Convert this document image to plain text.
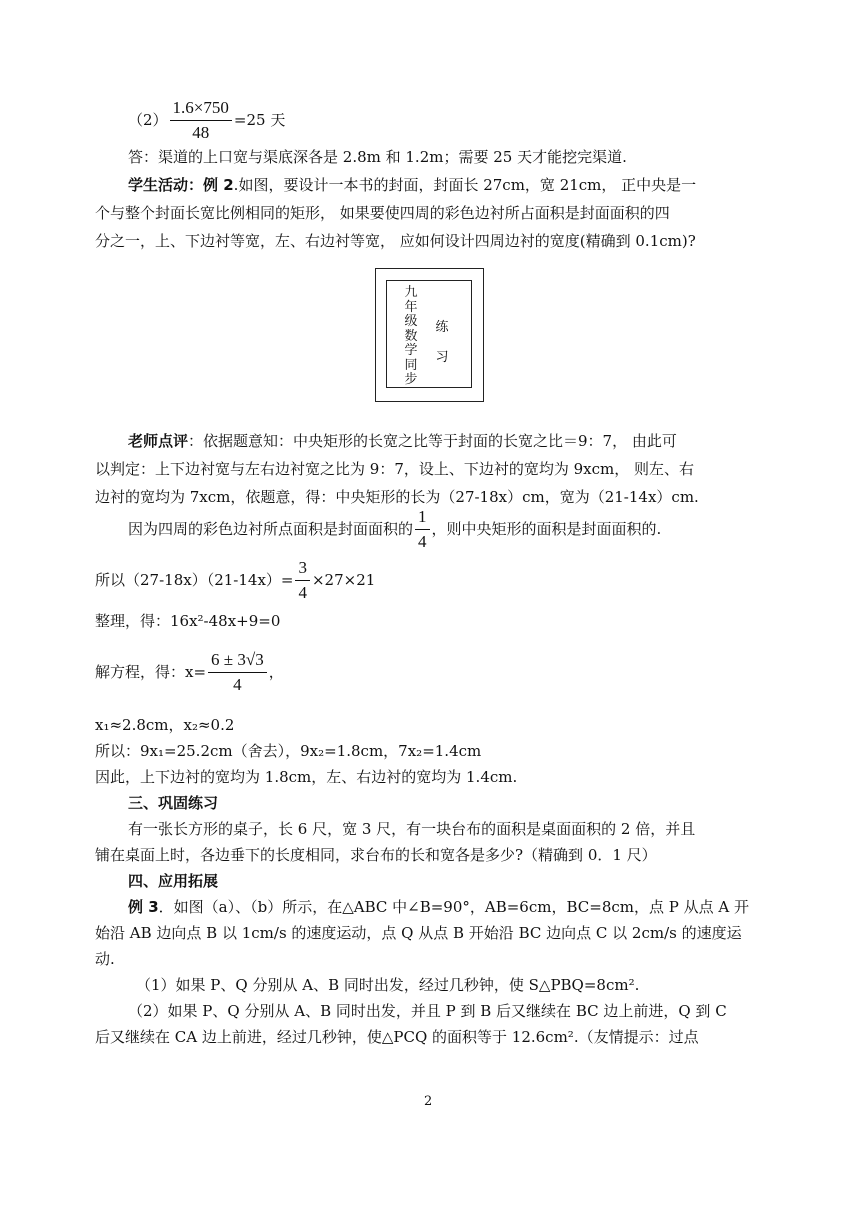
$(2) \frac{1.6\times 750}{48} =25$ 天
答：渠道的上口宽与渠底深各是 2.8m 和 1.2m；需要 25 天才能挖完渠道.
学生活动：例 2.如图，要设计一本书的封面，封面长 27cm，宽 21cm， 正中央是一
个与整个封面长宽比例相同的矩形， 如果要使四周的彩色边衬所占面积是封面面积的四
分之一，上、下边衬等宽，左、右边衬等宽， 应如何设计四周边衬的宽度(精确到 0.1cm)?
九年级数学同步
练习
老师点评：依据题意知：中央矩形的长宽之比等于封面的长宽之比＝9：7， 由此可
以判定：上下边衬宽与左右边衬宽之比为 9：7，设上、下边衬的宽均为 9xcm， 则左、右
边衬的宽均为 7xcm，依题意，得：中央矩形的长为（27-18x）cm，宽为（21-14x）cm.
因为四周的彩色边衬所点面积是封面面积的 $\frac{1}{4}$ ，则中央矩形的面积是封面面积的.
所以$(27-18x)(21-14x)= \frac{3}{4} \times 27\times 21$
整理，得：16x²-48x+9=0
解方程，得：$x= \frac{6 \pm 3√3}{4}$ ，
x₁≈2.8cm，x₂≈0.2
所以：9x₁=25.2cm（舍去），9x₂=1.8cm，7x₂=1.4cm
因此，上下边衬的宽均为 1.8cm，左、右边衬的宽均为 1.4cm.
三、巩固练习
有一张长方形的桌子，长 6 尺，宽 3 尺，有一块台布的面积是桌面面积的 2 倍，并且
铺在桌面上时，各边垂下的长度相同，求台布的长和宽各是多少?（精确到 0．1 尺）
四、应用拓展
例 3．如图（a）、（b）所示，在△ABC 中∠B=90°，AB=6cm，BC=8cm，点 P 从点 A 开
始沿 AB 边向点 B 以 1cm/s 的速度运动，点 Q 从点 B 开始沿 BC 边向点 C 以 2cm/s 的速度运
动.
（1）如果 P、Q 分别从 A、B 同时出发，经过几秒钟，使 S△PBQ=8cm².
（2）如果 P、Q 分别从 A、B 同时出发，并且 P 到 B 后又继续在 BC 边上前进，Q 到 C
后又继续在 CA 边上前进，经过几秒钟，使△PCQ 的面积等于 12.6cm².（友情提示：过点
2
